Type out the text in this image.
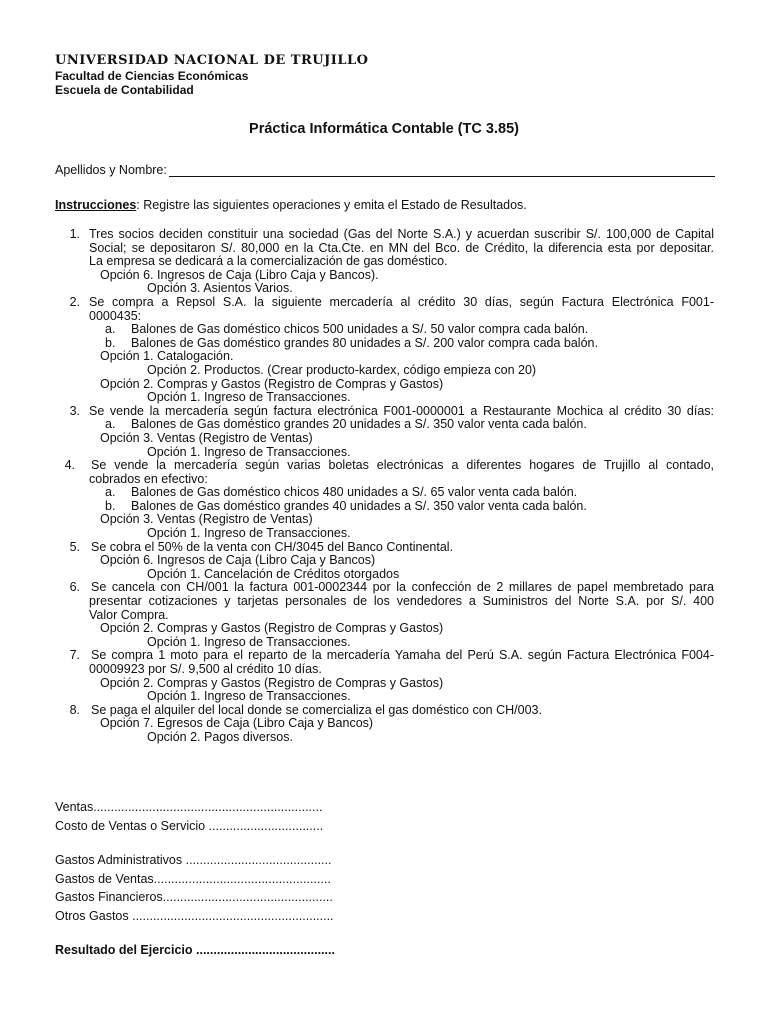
UNIVERSIDAD NACIONAL DE TRUJILLO
Facultad de Ciencias Económicas
Escuela de Contabilidad
Práctica Informática Contable (TC 3.85)
Apellidos y Nombre:
Instrucciones: Registre las siguientes operaciones y emita el Estado de Resultados.
1. Tres socios deciden constituir una sociedad (Gas del Norte S.A.) y acuerdan suscribir S/. 100,000 de Capital
Social; se depositaron S/. 80,000 en la Cta.Cte. en MN del Bco. de Crédito, la diferencia esta por depositar.
La empresa se dedicará a la comercialización de gas doméstico.
Opción 6. Ingresos de Caja (Libro Caja y Bancos).
Opción 3. Asientos Varios.
2. Se compra a Repsol S.A. la siguiente mercadería al crédito 30 días, según Factura Electrónica F001-
0000435:
a. Balones de Gas doméstico chicos 500 unidades a S/. 50 valor compra cada balón.
b. Balones de Gas doméstico grandes 80 unidades a S/. 200 valor compra cada balón.
Opción 1. Catalogación.
Opción 2. Productos. (Crear producto-kardex, código empieza con 20)
Opción 2. Compras y Gastos (Registro de Compras y Gastos)
Opción 1. Ingreso de Transacciones.
3. Se vende la mercadería según factura electrónica F001-0000001 a Restaurante Mochica al crédito 30 días:
a. Balones de Gas doméstico grandes 20 unidades a S/. 350 valor venta cada balón.
Opción 3. Ventas (Registro de Ventas)
Opción 1. Ingreso de Transacciones.
4. Se vende la mercadería según varias boletas electrónicas a diferentes hogares de Trujillo al contado,
cobrados en efectivo:
a. Balones de Gas doméstico chicos 480 unidades a S/. 65 valor venta cada balón.
b. Balones de Gas doméstico grandes 40 unidades a S/. 350 valor venta cada balón.
Opción 3. Ventas (Registro de Ventas)
Opción 1. Ingreso de Transacciones.
5. Se cobra el 50% de la venta con CH/3045 del Banco Continental.
Opción 6. Ingresos de Caja (Libro Caja y Bancos)
Opción 1. Cancelación de Créditos otorgados
6. Se cancela con CH/001 la factura 001-0002344 por la confección de 2 millares de papel membretado para
presentar cotizaciones y tarjetas personales de los vendedores a Suministros del Norte S.A. por S/. 400
Valor Compra.
Opción 2. Compras y Gastos (Registro de Compras y Gastos)
Opción 1. Ingreso de Transacciones.
7. Se compra 1 moto para el reparto de la mercadería Yamaha del Perú S.A. según Factura Electrónica F004-
00009923 por S/. 9,500 al crédito 10 días.
Opción 2. Compras y Gastos (Registro de Compras y Gastos)
Opción 1. Ingreso de Transacciones.
8. Se paga el alquiler del local donde se comercializa el gas doméstico con CH/003.
Opción 7. Egresos de Caja (Libro Caja y Bancos)
Opción 2. Pagos diversos.
Ventas..................................................................
Costo de Ventas o Servicio .................................
Gastos Administrativos ..........................................
Gastos de Ventas...................................................
Gastos Financieros.................................................
Otros Gastos ..........................................................
Resultado del Ejercicio ........................................
